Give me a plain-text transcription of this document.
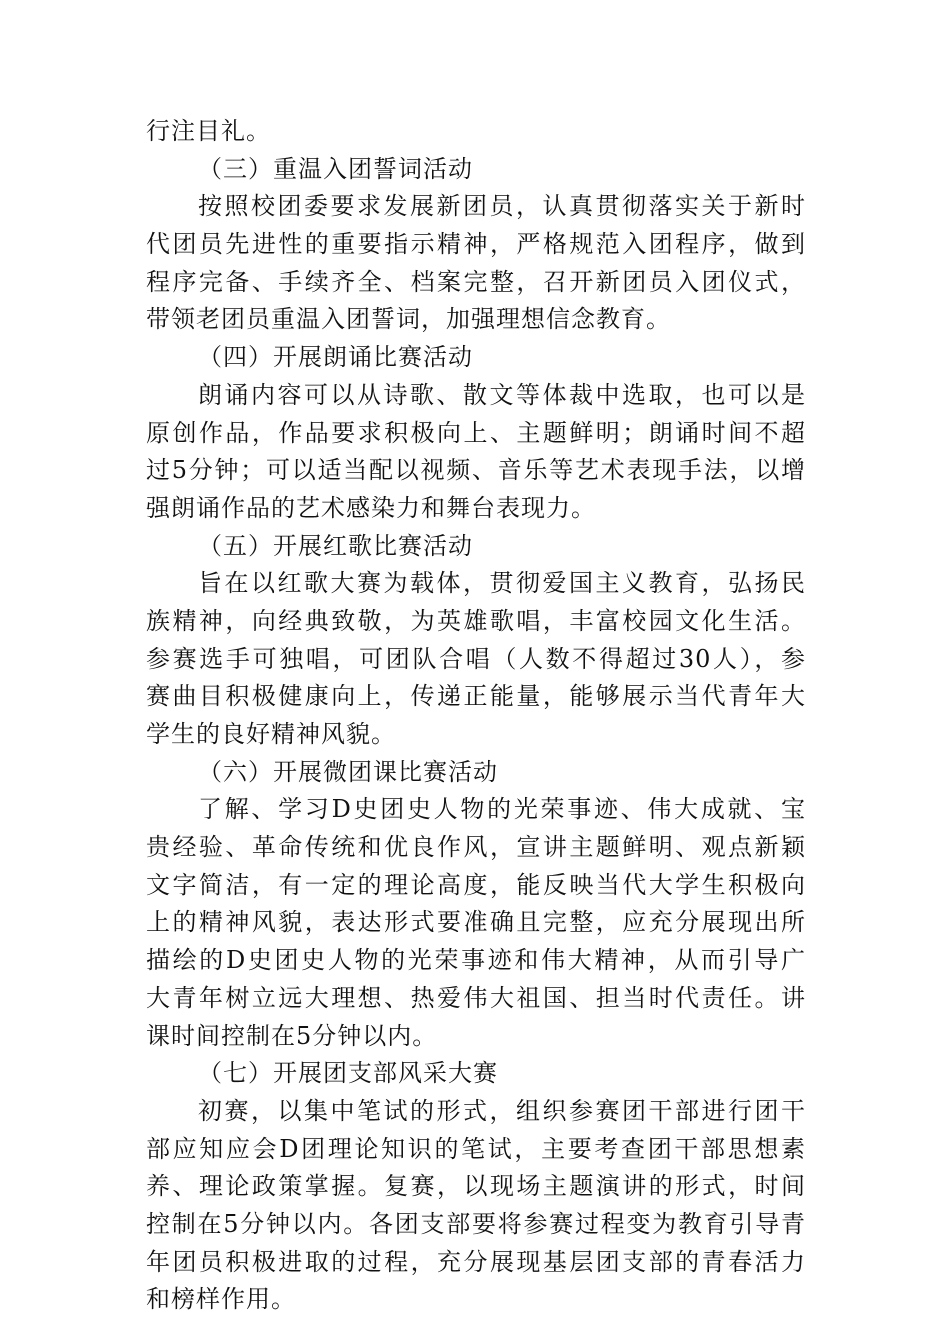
行注目礼。
（三）重温入团誓词活动
按照校团委要求发展新团员，认真贯彻落实关于新时
代团员先进性的重要指示精神，严格规范入团程序，做到
程序完备、手续齐全、档案完整，召开新团员入团仪式，
带领老团员重温入团誓词，加强理想信念教育。
（四）开展朗诵比赛活动
朗诵内容可以从诗歌、散文等体裁中选取，也可以是
原创作品，作品要求积极向上、主题鲜明；朗诵时间不超
过5分钟；可以适当配以视频、音乐等艺术表现手法，以增
强朗诵作品的艺术感染力和舞台表现力。
（五）开展红歌比赛活动
旨在以红歌大赛为载体，贯彻爱国主义教育，弘扬民
族精神，向经典致敬，为英雄歌唱，丰富校园文化生活。
参赛选手可独唱，可团队合唱（人数不得超过30人），参
赛曲目积极健康向上，传递正能量，能够展示当代青年大
学生的良好精神风貌。
（六）开展微团课比赛活动
了解、学习D史团史人物的光荣事迹、伟大成就、宝
贵经验、革命传统和优良作风，宣讲主题鲜明、观点新颖
文字简洁，有一定的理论高度，能反映当代大学生积极向
上的精神风貌，表达形式要准确且完整，应充分展现出所
描绘的D史团史人物的光荣事迹和伟大精神，从而引导广
大青年树立远大理想、热爱伟大祖国、担当时代责任。讲
课时间控制在5分钟以内。
（七）开展团支部风采大赛
初赛，以集中笔试的形式，组织参赛团干部进行团干
部应知应会D团理论知识的笔试，主要考查团干部思想素
养、理论政策掌握。复赛，以现场主题演讲的形式，时间
控制在5分钟以内。各团支部要将参赛过程变为教育引导青
年团员积极进取的过程，充分展现基层团支部的青春活力
和榜样作用。
